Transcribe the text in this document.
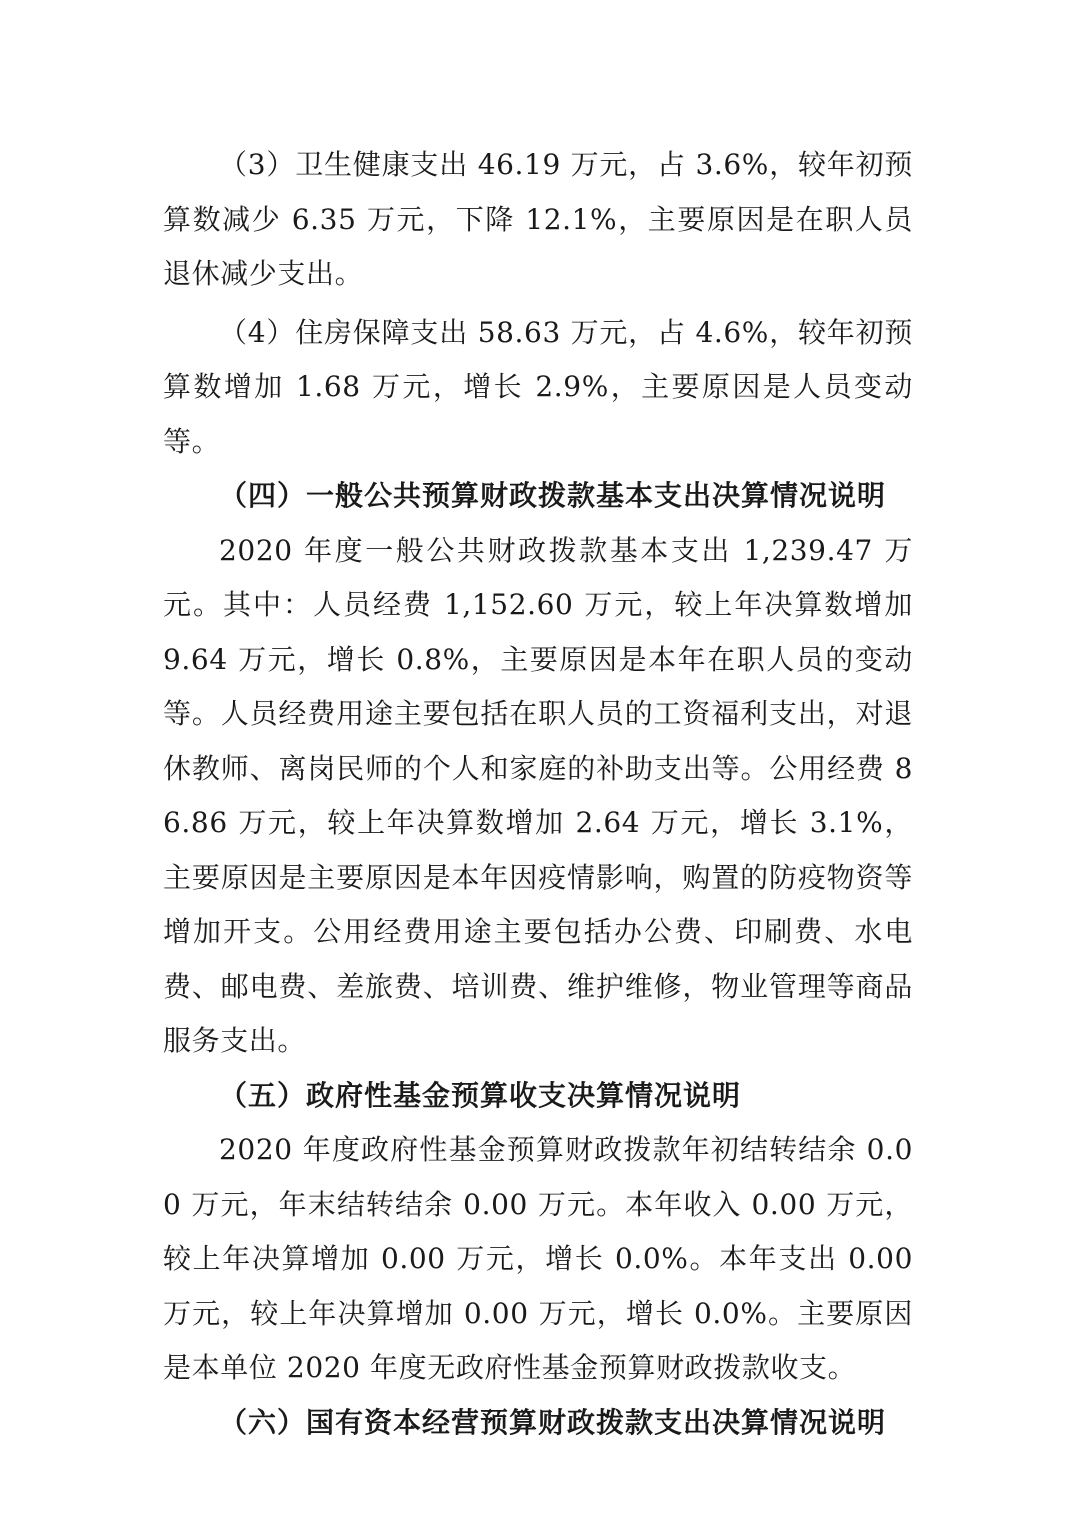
（3）卫生健康支出 46.19 万元，占 3.6%，较年初预算数减少 6.35 万元，下降 12.1%，主要原因是在职人员退休减少支出。

（4）住房保障支出 58.63 万元，占 4.6%，较年初预算数增加 1.68 万元，增长 2.9%，主要原因是人员变动等。

（四）一般公共预算财政拨款基本支出决算情况说明

2020 年度一般公共财政拨款基本支出 1,239.47 万元。其中：人员经费 1,152.60 万元，较上年决算数增加 9.64 万元，增长 0.8%，主要原因是本年在职人员的变动等。人员经费用途主要包括在职人员的工资福利支出，对退休教师、离岗民师的个人和家庭的补助支出等。公用经费 86.86 万元，较上年决算数增加 2.64 万元，增长 3.1%，主要原因是主要原因是本年因疫情影响，购置的防疫物资等增加开支。公用经费用途主要包括办公费、印刷费、水电费、邮电费、差旅费、培训费、维护维修，物业管理等商品服务支出。

（五）政府性基金预算收支决算情况说明

2020 年度政府性基金预算财政拨款年初结转结余 0.00 万元，年末结转结余 0.00 万元。本年收入 0.00 万元，较上年决算增加 0.00 万元，增长 0.0%。本年支出 0.00 万元，较上年决算增加 0.00 万元，增长 0.0%。主要原因是本单位 2020 年度无政府性基金预算财政拨款收支。

（六）国有资本经营预算财政拨款支出决算情况说明
